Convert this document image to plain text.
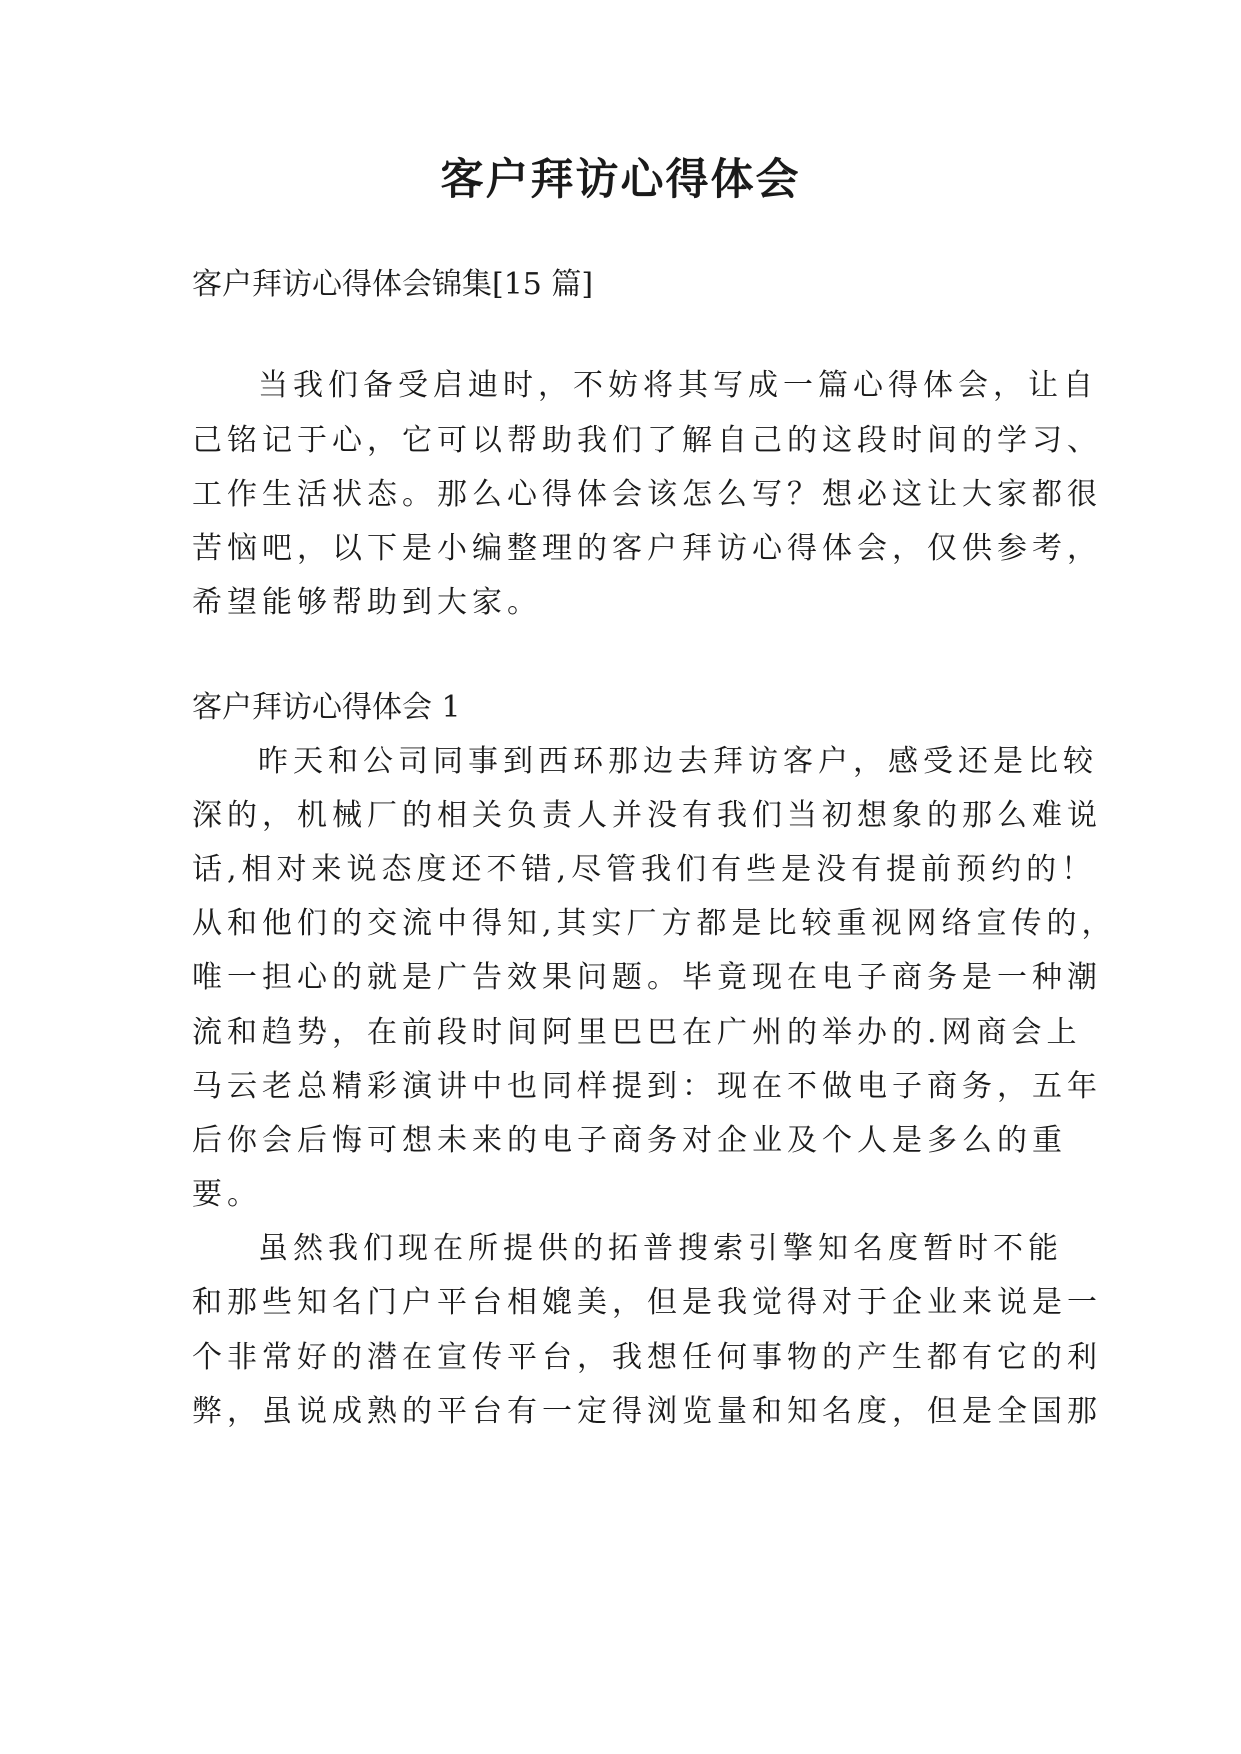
客户拜访心得体会

客户拜访心得体会锦集[15 篇]

当我们备受启迪时，不妨将其写成一篇心得体会，让自

己铭记于心，它可以帮助我们了解自己的这段时间的学习、

工作生活状态。那么心得体会该怎么写？想必这让大家都很

苦恼吧，以下是小编整理的客户拜访心得体会，仅供参考，

希望能够帮助到大家。

客户拜访心得体会 1

昨天和公司同事到西环那边去拜访客户，感受还是比较

深的，机械厂的相关负责人并没有我们当初想象的那么难说

话,相对来说态度还不错,尽管我们有些是没有提前预约的！

从和他们的交流中得知,其实厂方都是比较重视网络宣传的，

唯一担心的就是广告效果问题。毕竟现在电子商务是一种潮

流和趋势，在前段时间阿里巴巴在广州的举办的.网商会上

马云老总精彩演讲中也同样提到：现在不做电子商务，五年

后你会后悔可想未来的电子商务对企业及个人是多么的重

要。

虽然我们现在所提供的拓普搜索引擎知名度暂时不能

和那些知名门户平台相媲美，但是我觉得对于企业来说是一

个非常好的潜在宣传平台，我想任何事物的产生都有它的利

弊，虽说成熟的平台有一定得浏览量和知名度，但是全国那
